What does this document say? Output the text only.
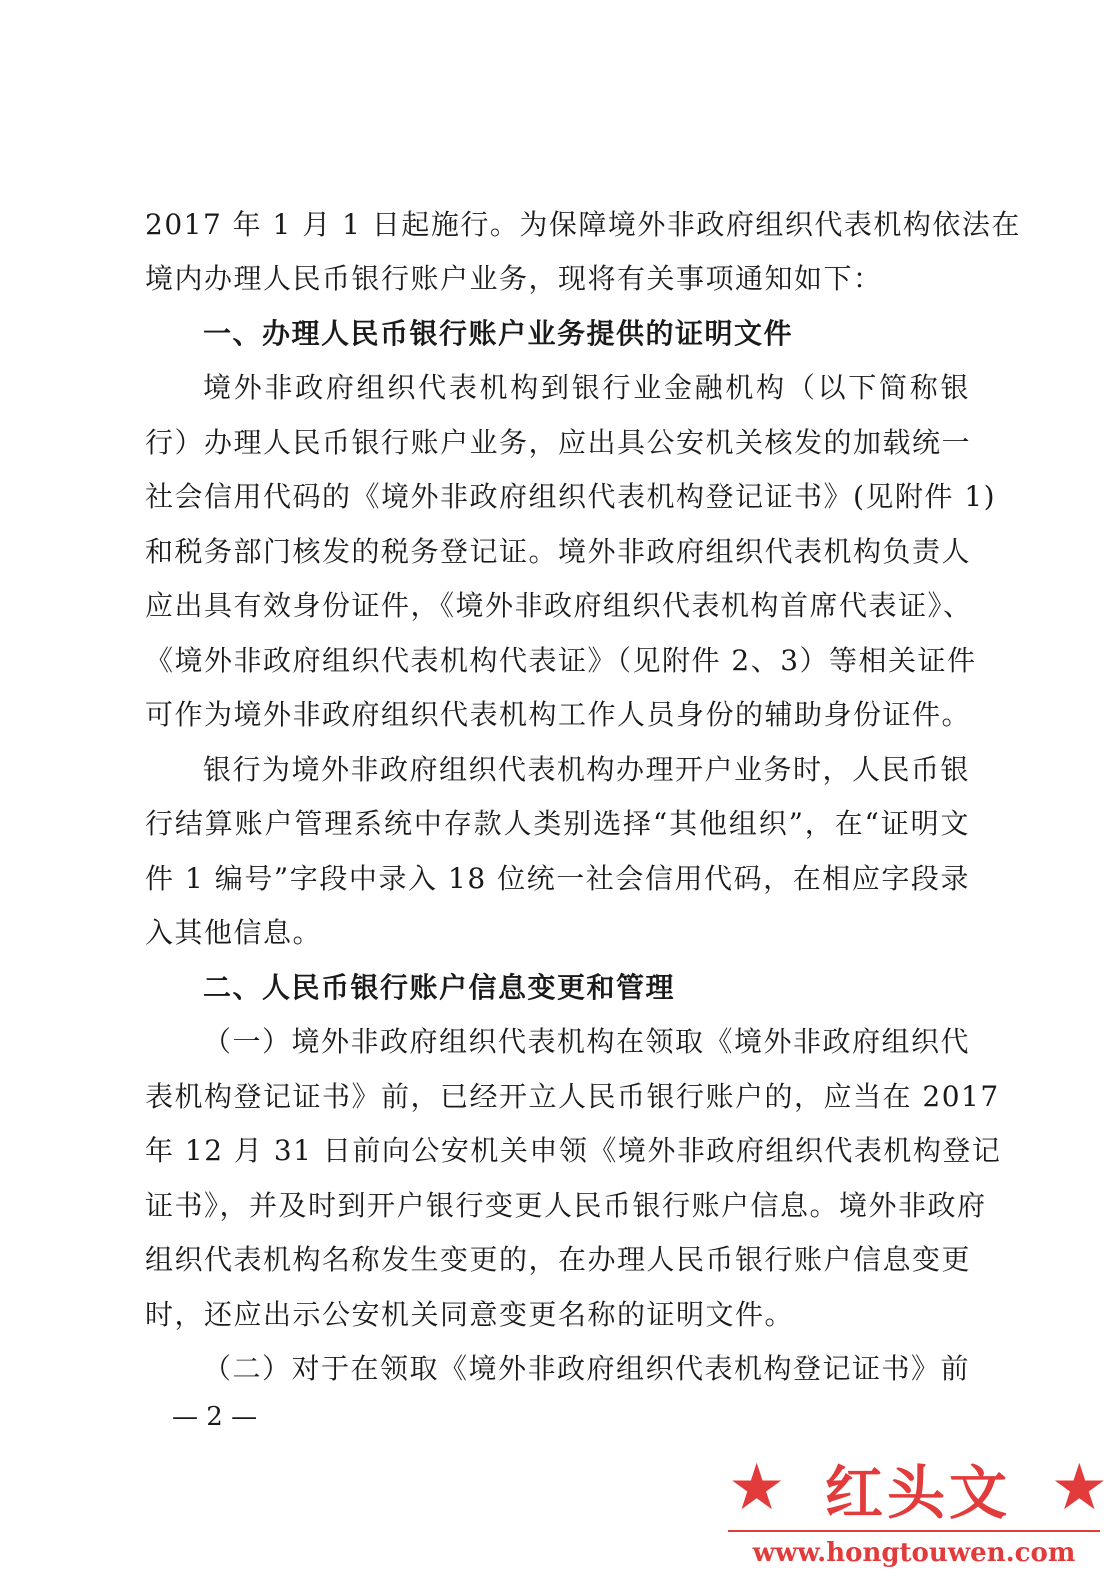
2017 年 1 月 1 日起施行。为保障境外非政府组织代表机构依法在
境内办理人民币银行账户业务，现将有关事项通知如下：
一、办理人民币银行账户业务提供的证明文件
境外非政府组织代表机构到银行业金融机构（以下简称银
行）办理人民币银行账户业务，应出具公安机关核发的加载统一
社会信用代码的《境外非政府组织代表机构登记证书》(见附件 1)
和税务部门核发的税务登记证。境外非政府组织代表机构负责人
应出具有效身份证件，《境外非政府组织代表机构首席代表证》、
《境外非政府组织代表机构代表证》（见附件 2、3）等相关证件
可作为境外非政府组织代表机构工作人员身份的辅助身份证件。
银行为境外非政府组织代表机构办理开户业务时，人民币银
行结算账户管理系统中存款人类别选择“其他组织”，在“证明文
件 1 编号”字段中录入 18 位统一社会信用代码，在相应字段录
入其他信息。
二、人民币银行账户信息变更和管理
（一）境外非政府组织代表机构在领取《境外非政府组织代
表机构登记证书》前，已经开立人民币银行账户的，应当在 2017
年 12 月 31 日前向公安机关申领《境外非政府组织代表机构登记
证书》，并及时到开户银行变更人民币银行账户信息。境外非政府
组织代表机构名称发生变更的，在办理人民币银行账户信息变更
时，还应出示公安机关同意变更名称的证明文件。
（二）对于在领取《境外非政府组织代表机构登记证书》前
— 2 —
★ 红头文 ★
www.hongtouwen.com
